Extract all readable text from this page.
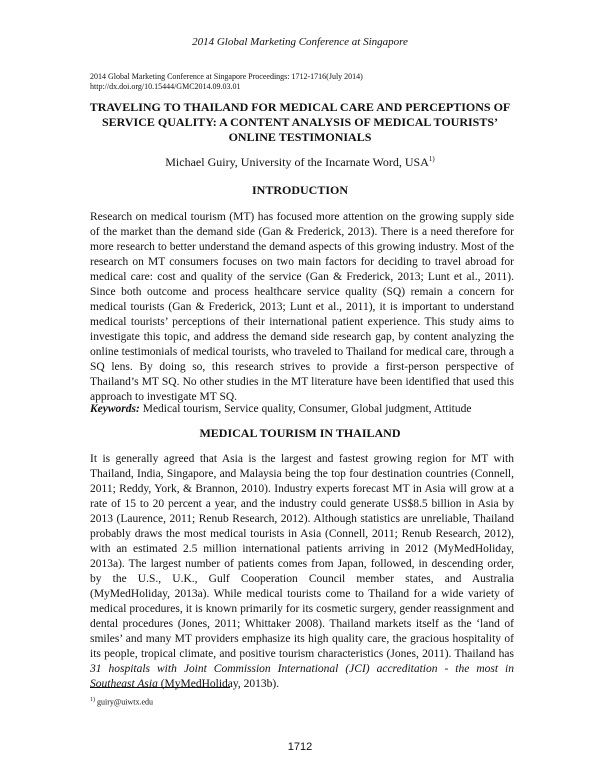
2014 Global Marketing Conference at Singapore
2014 Global Marketing Conference at Singapore Proceedings: 1712-1716(July 2014)
http://dx.doi.org/10.15444/GMC2014.09.03.01
TRAVELING TO THAILAND FOR MEDICAL CARE AND PERCEPTIONS OF SERVICE QUALITY: A CONTENT ANALYSIS OF MEDICAL TOURISTS’ ONLINE TESTIMONIALS
Michael Guiry, University of the Incarnate Word, USA$^{1)}$
INTRODUCTION
Research on medical tourism (MT) has focused more attention on the growing supply side of the market than the demand side (Gan & Frederick, 2013). There is a need therefore for more research to better understand the demand aspects of this growing industry. Most of the research on MT consumers focuses on two main factors for deciding to travel abroad for medical care: cost and quality of the service (Gan & Frederick, 2013; Lunt et al., 2011). Since both outcome and process healthcare service quality (SQ) remain a concern for medical tourists (Gan & Frederick, 2013; Lunt et al., 2011), it is important to understand medical tourists’ perceptions of their international patient experience. This study aims to investigate this topic, and address the demand side research gap, by content analyzing the online testimonials of medical tourists, who traveled to Thailand for medical care, through a SQ lens. By doing so, this research strives to provide a first-person perspective of Thailand’s MT SQ. No other studies in the MT literature have been identified that used this approach to investigate MT SQ.
Keywords: Medical tourism, Service quality, Consumer, Global judgment, Attitude
MEDICAL TOURISM IN THAILAND
It is generally agreed that Asia is the largest and fastest growing region for MT with Thailand, India, Singapore, and Malaysia being the top four destination countries (Connell, 2011; Reddy, York, & Brannon, 2010). Industry experts forecast MT in Asia will grow at a rate of 15 to 20 percent a year, and the industry could generate US$8.5 billion in Asia by 2013 (Laurence, 2011; Renub Research, 2012). Although statistics are unreliable, Thailand probably draws the most medical tourists in Asia (Connell, 2011; Renub Research, 2012), with an estimated 2.5 million international patients arriving in 2012 (MyMedHoliday, 2013a). The largest number of patients comes from Japan, followed, in descending order, by the U.S., U.K., Gulf Cooperation Council member states, and Australia (MyMedHoliday, 2013a). While medical tourists come to Thailand for a wide variety of medical procedures, it is known primarily for its cosmetic surgery, gender reassignment and dental procedures (Jones, 2011; Whittaker 2008). Thailand markets itself as the ‘land of smiles’ and many MT providers emphasize its high quality care, the gracious hospitality of its people, tropical climate, and positive tourism characteristics (Jones, 2011). Thailand has 31 hospitals with Joint Commission International (JCI) accreditation - the most in Southeast Asia (MyMedHoliday, 2013b).
$^{1)}$ guiry@uiwtx.edu
1712
